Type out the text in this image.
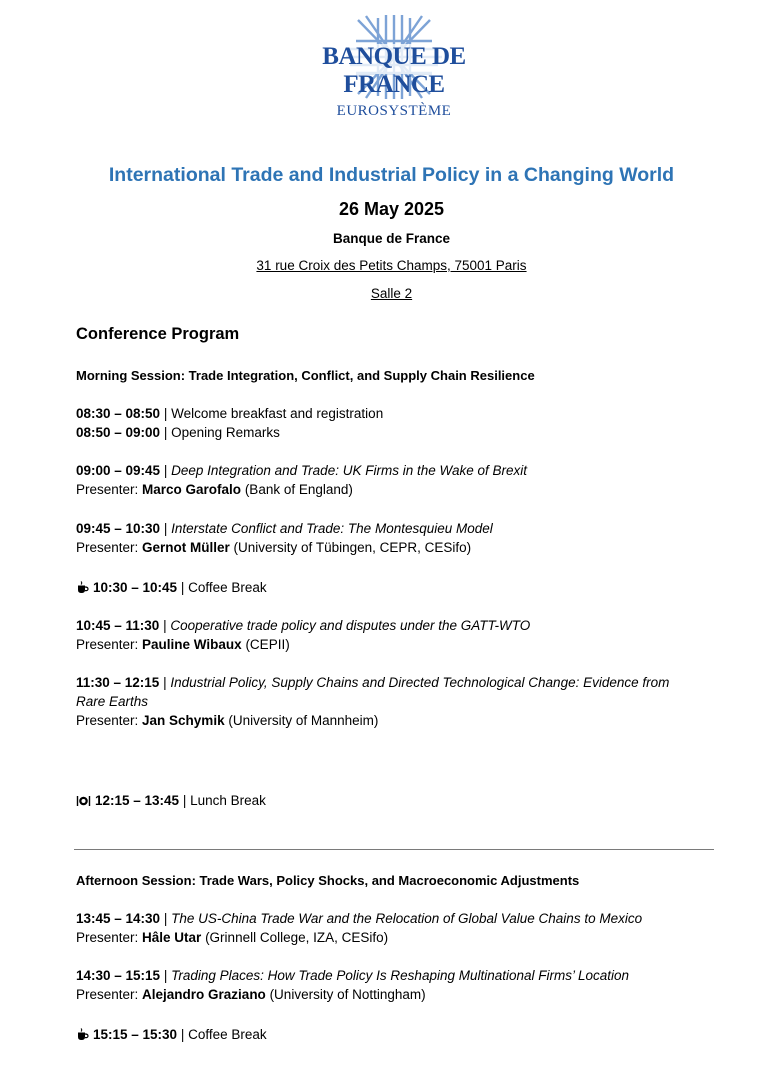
BANQUE DE FRANCE
EUROSYSTÈME
International Trade and Industrial Policy in a Changing World
26 May 2025
Banque de France
31 rue Croix des Petits Champs, 75001 Paris
Salle 2
Conference Program
Morning Session: Trade Integration, Conflict, and Supply Chain Resilience
08:30 – 08:50 | Welcome breakfast and registration
08:50 – 09:00 | Opening Remarks
09:00 – 09:45 | Deep Integration and Trade: UK Firms in the Wake of Brexit
Presenter: Marco Garofalo (Bank of England)
09:45 – 10:30 | Interstate Conflict and Trade: The Montesquieu Model
Presenter: Gernot Müller (University of Tübingen, CEPR, CESifo)
10:30 – 10:45 | Coffee Break
10:45 – 11:30 | Cooperative trade policy and disputes under the GATT-WTO
Presenter: Pauline Wibaux (CEPII)
11:30 – 12:15 | Industrial Policy, Supply Chains and Directed Technological Change: Evidence from
Rare Earths
Presenter: Jan Schymik (University of Mannheim)
12:15 – 13:45 | Lunch Break
Afternoon Session: Trade Wars, Policy Shocks, and Macroeconomic Adjustments
13:45 – 14:30 | The US-China Trade War and the Relocation of Global Value Chains to Mexico
Presenter: Hâle Utar (Grinnell College, IZA, CESifo)
14:30 – 15:15 | Trading Places: How Trade Policy Is Reshaping Multinational Firms’ Location
Presenter: Alejandro Graziano (University of Nottingham)
15:15 – 15:30 | Coffee Break
